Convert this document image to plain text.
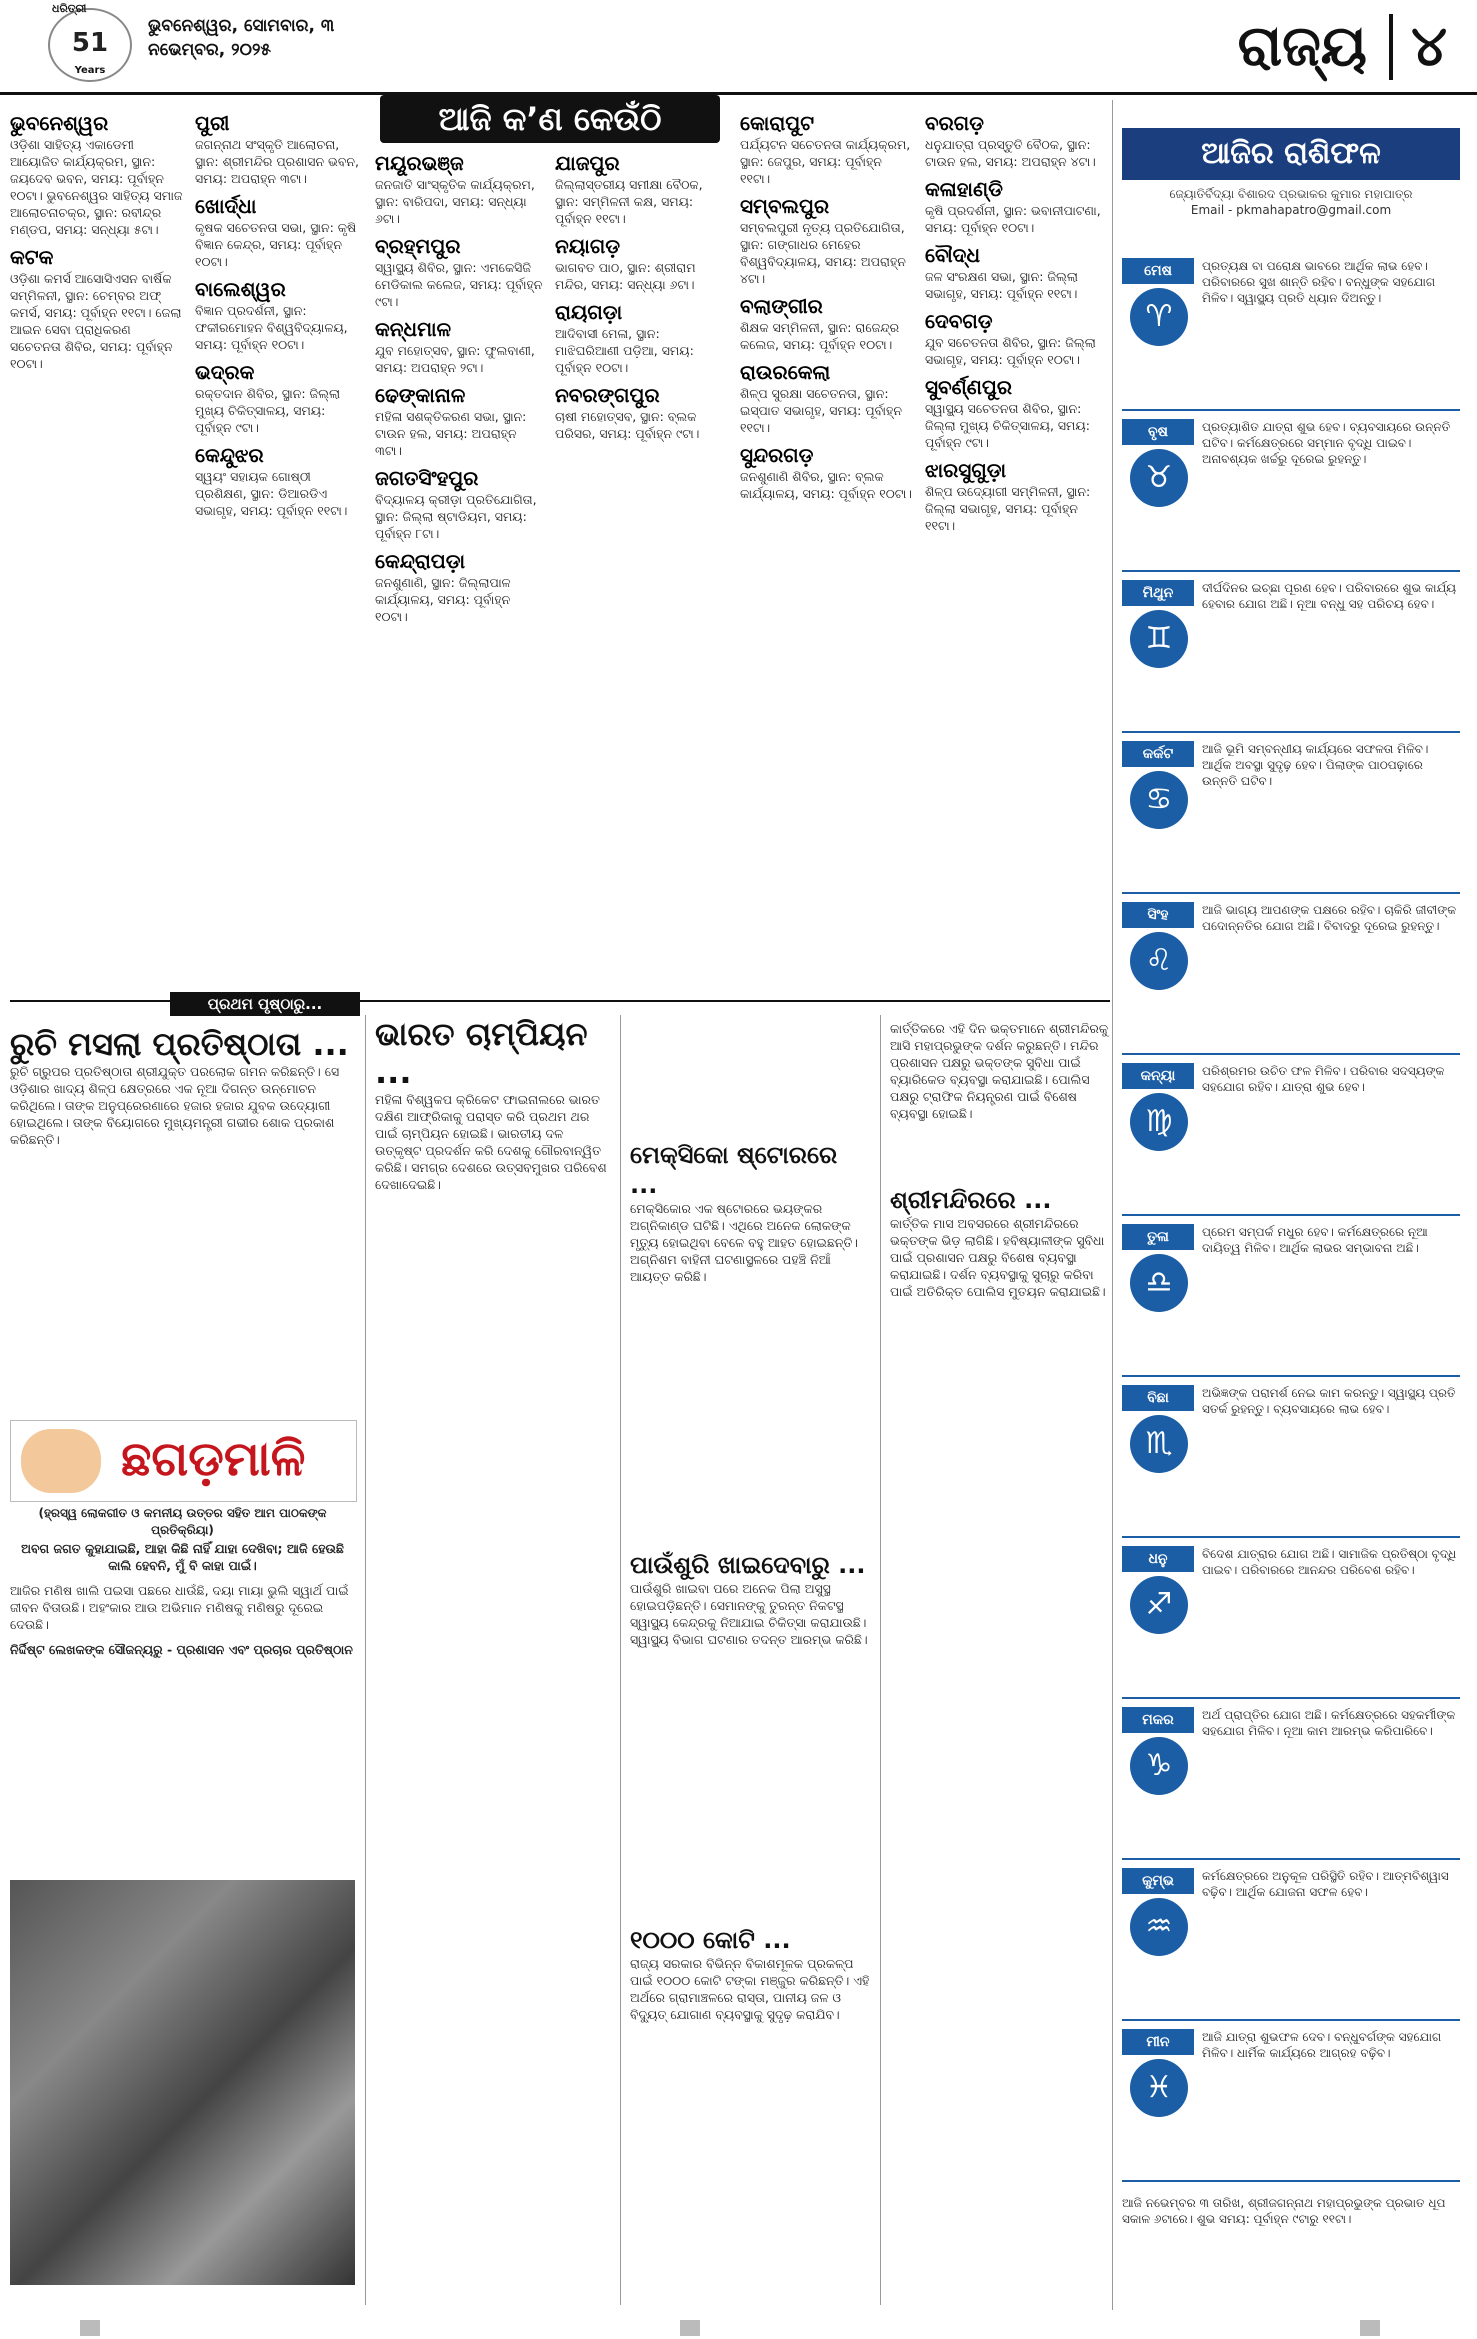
51
Years
ଧରିତ୍ରୀ
ଭୁବନେଶ୍ୱର, ସୋମବାର, ୩ ନଭେମ୍ବର, ୨୦୨୫	ରାଜ୍ୟ ୪
ଆଜି କ’ଣ କେଉଁଠି
ଭୁବନେଶ୍ୱର
ଓଡ଼ିଶା ସାହିତ୍ୟ ଏକାଡେମୀ ଆୟୋଜିତ କାର୍ଯ୍ୟକ୍ରମ, ସ୍ଥାନ: ଜୟଦେବ ଭବନ, ସମୟ: ପୂର୍ବାହ୍ନ ୧୦ଟା। ଭୁବନେଶ୍ୱର ସାହିତ୍ୟ ସମାଜ ଆଲୋଚନାଚକ୍ର, ସ୍ଥାନ: ରବୀନ୍ଦ୍ର ମଣ୍ଡପ, ସମୟ: ସନ୍ଧ୍ୟା ୫ଟା।
କଟକ
ଓଡ଼ିଶା କମର୍ସ ଆସୋସିଏସନ ବାର୍ଷିକ ସମ୍ମିଳନୀ, ସ୍ଥାନ: ଚେମ୍ବର ଅଫ୍ କମର୍ସ, ସମୟ: ପୂର୍ବାହ୍ନ ୧୧ଟା। ଜେଲା ଆଇନ ସେବା ପ୍ରାଧିକରଣ ସଚେତନତା ଶିବିର, ସମୟ: ପୂର୍ବାହ୍ନ ୧୦ଟା।
ପୁରୀ
ଜଗନ୍ନାଥ ସଂସ୍କୃତି ଆଲୋଚନା, ସ୍ଥାନ: ଶ୍ରୀମନ୍ଦିର ପ୍ରଶାସନ ଭବନ, ସମୟ: ଅପରାହ୍ନ ୩ଟା।
ଖୋର୍ଦ୍ଧା
କୃଷକ ସଚେତନତା ସଭା, ସ୍ଥାନ: କୃଷି ବିଜ୍ଞାନ କେନ୍ଦ୍ର, ସମୟ: ପୂର୍ବାହ୍ନ ୧୦ଟା।
ବାଲେଶ୍ୱର
ବିଜ୍ଞାନ ପ୍ରଦର୍ଶନୀ, ସ୍ଥାନ: ଫକୀରମୋହନ ବିଶ୍ୱବିଦ୍ୟାଳୟ, ସମୟ: ପୂର୍ବାହ୍ନ ୧୦ଟା।
ଭଦ୍ରକ
ରକ୍ତଦାନ ଶିବିର, ସ୍ଥାନ: ଜିଲ୍ଲା ମୁଖ୍ୟ ଚିକିତ୍ସାଳୟ, ସମୟ: ପୂର୍ବାହ୍ନ ୯ଟା।
କେନ୍ଦୁଝର
ସ୍ୱୟଂ ସହାୟକ ଗୋଷ୍ଠୀ ପ୍ରଶିକ୍ଷଣ, ସ୍ଥାନ: ଡିଆରଡିଏ ସଭାଗୃହ, ସମୟ: ପୂର୍ବାହ୍ନ ୧୧ଟା।
ମୟୂରଭଞ୍ଜ
ଜନଜାତି ସାଂସ୍କୃତିକ କାର୍ଯ୍ୟକ୍ରମ, ସ୍ଥାନ: ବାରିପଦା, ସମୟ: ସନ୍ଧ୍ୟା ୬ଟା।
ବ୍ରହ୍ମପୁର
ସ୍ୱାସ୍ଥ୍ୟ ଶିବିର, ସ୍ଥାନ: ଏମକେସିଜି ମେଡିକାଲ କଲେଜ, ସମୟ: ପୂର୍ବାହ୍ନ ୯ଟା।
କନ୍ଧମାଳ
ଯୁବ ମହୋତ୍ସବ, ସ୍ଥାନ: ଫୁଲବାଣୀ, ସମୟ: ଅପରାହ୍ନ ୨ଟା।
ଢେଙ୍କାନାଳ
ମହିଳା ସଶକ୍ତିକରଣ ସଭା, ସ୍ଥାନ: ଟାଉନ ହଲ, ସମୟ: ଅପରାହ୍ନ ୩ଟା।
ଜଗତସିଂହପୁର
ବିଦ୍ୟାଳୟ କ୍ରୀଡ଼ା ପ୍ରତିଯୋଗିତା, ସ୍ଥାନ: ଜିଲ୍ଲା ଷ୍ଟାଡିୟମ, ସମୟ: ପୂର୍ବାହ୍ନ ୮ଟା।
କେନ୍ଦ୍ରାପଡ଼ା
ଜନଶୁଣାଣି, ସ୍ଥାନ: ଜିଲ୍ଲାପାଳ କାର୍ଯ୍ୟାଳୟ, ସମୟ: ପୂର୍ବାହ୍ନ ୧୦ଟା।
ଯାଜପୁର
ଜିଲ୍ଲାସ୍ତରୀୟ ସମୀକ୍ଷା ବୈଠକ, ସ୍ଥାନ: ସମ୍ମିଳନୀ କକ୍ଷ, ସମୟ: ପୂର୍ବାହ୍ନ ୧୧ଟା।
ନୟାଗଡ଼
ଭାଗବତ ପାଠ, ସ୍ଥାନ: ଶ୍ରୀରାମ ମନ୍ଦିର, ସମୟ: ସନ୍ଧ୍ୟା ୬ଟା।
ରାୟଗଡ଼ା
ଆଦିବାସୀ ମେଳା, ସ୍ଥାନ: ମାଝିଘରିଆଣୀ ପଡ଼ିଆ, ସମୟ: ପୂର୍ବାହ୍ନ ୧୦ଟା।
ନବରଙ୍ଗପୁର
ଚାଷୀ ମହୋତ୍ସବ, ସ୍ଥାନ: ବ୍ଲକ ପରିସର, ସମୟ: ପୂର୍ବାହ୍ନ ୯ଟା।
କୋରାପୁଟ
ପର୍ଯ୍ୟଟନ ସଚେତନତା କାର୍ଯ୍ୟକ୍ରମ, ସ୍ଥାନ: ଜେପୁର, ସମୟ: ପୂର୍ବାହ୍ନ ୧୧ଟା।
ସମ୍ବଲପୁର
ସମ୍ବଲପୁରୀ ନୃତ୍ୟ ପ୍ରତିଯୋଗିତା, ସ୍ଥାନ: ଗଙ୍ଗାଧର ମେହେର ବିଶ୍ୱବିଦ୍ୟାଳୟ, ସମୟ: ଅପରାହ୍ନ ୪ଟା।
ବଲାଙ୍ଗୀର
ଶିକ୍ଷକ ସମ୍ମିଳନୀ, ସ୍ଥାନ: ରାଜେନ୍ଦ୍ର କଲେଜ, ସମୟ: ପୂର୍ବାହ୍ନ ୧୦ଟା।
ରାଉରକେଲା
ଶିଳ୍ପ ସୁରକ୍ଷା ସଚେତନତା, ସ୍ଥାନ: ଇସ୍ପାତ ସଭାଗୃହ, ସମୟ: ପୂର୍ବାହ୍ନ ୧୧ଟା।
ସୁନ୍ଦରଗଡ଼
ଜନଶୁଣାଣି ଶିବିର, ସ୍ଥାନ: ବ୍ଲକ କାର୍ଯ୍ୟାଳୟ, ସମୟ: ପୂର୍ବାହ୍ନ ୧୦ଟା।
ବରଗଡ଼
ଧନୁଯାତ୍ରା ପ୍ରସ୍ତୁତି ବୈଠକ, ସ୍ଥାନ: ଟାଉନ ହଲ, ସମୟ: ଅପରାହ୍ନ ୪ଟା।
କଳାହାଣ୍ଡି
କୃଷି ପ୍ରଦର୍ଶନୀ, ସ୍ଥାନ: ଭବାନୀପାଟଣା, ସମୟ: ପୂର୍ବାହ୍ନ ୧୦ଟା।
ବୌଦ୍ଧ
ଜଳ ସଂରକ୍ଷଣ ସଭା, ସ୍ଥାନ: ଜିଲ୍ଲା ସଭାଗୃହ, ସମୟ: ପୂର୍ବାହ୍ନ ୧୧ଟା।
ଦେବଗଡ଼
ଯୁବ ସଚେତନତା ଶିବିର, ସ୍ଥାନ: ଜିଲ୍ଲା ସଭାଗୃହ, ସମୟ: ପୂର୍ବାହ୍ନ ୧୦ଟା।
ସୁବର୍ଣ୍ଣପୁର
ସ୍ୱାସ୍ଥ୍ୟ ସଚେତନତା ଶିବିର, ସ୍ଥାନ: ଜିଲ୍ଲା ମୁଖ୍ୟ ଚିକିତ୍ସାଳୟ, ସମୟ: ପୂର୍ବାହ୍ନ ୯ଟା।
ଝାରସୁଗୁଡ଼ା
ଶିଳ୍ପ ଉଦ୍ୟୋଗୀ ସମ୍ମିଳନୀ, ସ୍ଥାନ: ଜିଲ୍ଲା ସଭାଗୃହ, ସମୟ: ପୂର୍ବାହ୍ନ ୧୧ଟା।
ପ୍ରଥମ ପୃଷ୍ଠାରୁ...
ରୁଚି ମସଲା ପ୍ରତିଷ୍ଠାତା ...
ରୁଚି ଗ୍ରୁପର ପ୍ରତିଷ୍ଠାତା ଶ୍ରୀଯୁକ୍ତ ପରଲୋକ ଗମନ କରିଛନ୍ତି। ସେ ଓଡ଼ିଶାର ଖାଦ୍ୟ ଶିଳ୍ପ କ୍ଷେତ୍ରରେ ଏକ ନୂଆ ଦିଗନ୍ତ ଉନ୍ମୋଚନ କରିଥିଲେ। ତାଙ୍କ ଅନୁପ୍ରେରଣାରେ ହଜାର ହଜାର ଯୁବକ ଉଦ୍ୟୋଗୀ ହୋଇଥିଲେ। ତାଙ୍କ ବିୟୋଗରେ ମୁଖ୍ୟମନ୍ତ୍ରୀ ଗଭୀର ଶୋକ ପ୍ରକାଶ କରିଛନ୍ତି।
ଛଗଡ଼ମାଳି
(ହ୍ରସ୍ୱ ଲୋକଗୀତ ଓ କମନୀୟ ଉତ୍ତର ସହିତ ଆମ ପାଠକଙ୍କ ପ୍ରତିକ୍ରିୟା)
ଅବଗ ଜଗତ କୁହାଯାଇଛି, ଆହା କିଛି ନାହିଁ ଯାହା ଦେଖିବା; ଆଜି ହେଉଛି କାଲି ହେବନି, ମୁଁ ବି କାହା ପାଇଁ।
ଆଜିର ମଣିଷ ଖାଲି ପଇସା ପଛରେ ଧାଉଁଛି, ଦୟା ମାୟା ଭୁଲି ସ୍ୱାର୍ଥ ପାଇଁ ଜୀବନ ବିତାଉଛି। ଅହଂକାର ଆଉ ଅଭିମାନ ମଣିଷକୁ ମଣିଷରୁ ଦୂରେଇ ଦେଉଛି।
ନିର୍ଦ୍ଦିଷ୍ଟ ଲେଖକଙ୍କ ସୌଜନ୍ୟରୁ - ପ୍ରଶାସନ ଏବଂ ପ୍ରଚାର ପ୍ରତିଷ୍ଠାନ
ଭାରତ ଚାମ୍ପିୟନ ...
ମହିଳା ବିଶ୍ୱକପ କ୍ରିକେଟ ଫାଇନାଲରେ ଭାରତ ଦକ୍ଷିଣ ଆଫ୍ରିକାକୁ ପରାସ୍ତ କରି ପ୍ରଥମ ଥର ପାଇଁ ଚାମ୍ପିୟନ ହୋଇଛି। ଭାରତୀୟ ଦଳ ଉତ୍କୃଷ୍ଟ ପ୍ରଦର୍ଶନ କରି ଦେଶକୁ ଗୌରବାନ୍ୱିତ କରିଛି। ସମଗ୍ର ଦେଶରେ ଉତ୍ସବମୁଖର ପରିବେଶ ଦେଖାଦେଇଛି।
ମେକ୍ସିକୋ ଷ୍ଟୋରରେ ...
ମେକ୍ସିକୋର ଏକ ଷ୍ଟୋରରେ ଭୟଙ୍କର ଅଗ୍ନିକାଣ୍ଡ ଘଟିଛି। ଏଥିରେ ଅନେକ ଲୋକଙ୍କ ମୃତ୍ୟୁ ହୋଇଥିବା ବେଳେ ବହୁ ଆହତ ହୋଇଛନ୍ତି। ଅଗ୍ନିଶମ ବାହିନୀ ଘଟଣାସ୍ଥଳରେ ପହଞ୍ଚି ନିଆଁ ଆୟତ୍ତ କରିଛି।
ପାଉଁଶୁରି ଖାଇଦେବାରୁ ...
ପାଉଁଶୁରି ଖାଇବା ପରେ ଅନେକ ପିଲା ଅସୁସ୍ଥ ହୋଇପଡ଼ିଛନ୍ତି। ସେମାନଙ୍କୁ ତୁରନ୍ତ ନିକଟସ୍ଥ ସ୍ୱାସ୍ଥ୍ୟ କେନ୍ଦ୍ରକୁ ନିଆଯାଇ ଚିକିତ୍ସା କରାଯାଉଛି। ସ୍ୱାସ୍ଥ୍ୟ ବିଭାଗ ଘଟଣାର ତଦନ୍ତ ଆରମ୍ଭ କରିଛି।
୧୦୦୦ କୋଟି ...
ରାଜ୍ୟ ସରକାର ବିଭିନ୍ନ ବିକାଶମୂଳକ ପ୍ରକଳ୍ପ ପାଇଁ ୧୦୦୦ କୋଟି ଟଙ୍କା ମଞ୍ଜୁର କରିଛନ୍ତି। ଏହି ଅର୍ଥରେ ଗ୍ରାମାଞ୍ଚଳରେ ରାସ୍ତା, ପାନୀୟ ଜଳ ଓ ବିଦ୍ୟୁତ୍ ଯୋଗାଣ ବ୍ୟବସ୍ଥାକୁ ସୁଦୃଢ଼ କରାଯିବ।
ଶ୍ରୀମନ୍ଦିରରେ ...
କାର୍ତ୍ତିକ ମାସ ଅବସରରେ ଶ୍ରୀମନ୍ଦିରରେ ଭକ୍ତଙ୍କ ଭିଡ଼ ଲାଗିଛି। ହବିଷ୍ୟାଳୀଙ୍କ ସୁବିଧା ପାଇଁ ପ୍ରଶାସନ ପକ୍ଷରୁ ବିଶେଷ ବ୍ୟବସ୍ଥା କରାଯାଇଛି। ଦର୍ଶନ ବ୍ୟବସ୍ଥାକୁ ସୁଚାରୁ କରିବା ପାଇଁ ଅତିରିକ୍ତ ପୋଲିସ ମୁତୟନ କରାଯାଇଛି।
କାର୍ତ୍ତିକରେ ଏହି ଦିନ ଭକ୍ତମାନେ ଶ୍ରୀମନ୍ଦିରକୁ ଆସି ମହାପ୍ରଭୁଙ୍କ ଦର୍ଶନ କରୁଛନ୍ତି। ମନ୍ଦିର ପ୍ରଶାସନ ପକ୍ଷରୁ ଭକ୍ତଙ୍କ ସୁବିଧା ପାଇଁ ବ୍ୟାରିକେଡ ବ୍ୟବସ୍ଥା କରାଯାଇଛି। ପୋଲିସ ପକ୍ଷରୁ ଟ୍ରାଫିକ ନିୟନ୍ତ୍ରଣ ପାଇଁ ବିଶେଷ ବ୍ୟବସ୍ଥା ହୋଇଛି।
ଆଜିର ରାଶିଫଳ
ଜ୍ୟୋତିର୍ବିଦ୍ୟା ବିଶାରଦ ପ୍ରଭାକର କୁମାର ମହାପାତ୍ର
Email - pkmahapatro@gmail.com
ମେଷ
♈
ପ୍ରତ୍ୟକ୍ଷ ବା ପରୋକ୍ଷ ଭାବରେ ଆର୍ଥିକ ଲାଭ ହେବ। ପରିବାରରେ ସୁଖ ଶାନ୍ତି ରହିବ। ବନ୍ଧୁଙ୍କ ସହଯୋଗ ମିଳିବ। ସ୍ୱାସ୍ଥ୍ୟ ପ୍ରତି ଧ୍ୟାନ ଦିଅନ୍ତୁ।
ବୃଷ
♉
ପ୍ରତ୍ୟାଶିତ ଯାତ୍ରା ଶୁଭ ହେବ। ବ୍ୟବସାୟରେ ଉନ୍ନତି ଘଟିବ। କର୍ମକ୍ଷେତ୍ରରେ ସମ୍ମାନ ବୃଦ୍ଧି ପାଇବ। ଅନାବଶ୍ୟକ ଖର୍ଚ୍ଚରୁ ଦୂରେଇ ରୁହନ୍ତୁ।
ମିଥୁନ
♊
ଦୀର୍ଘଦିନର ଇଚ୍ଛା ପୂରଣ ହେବ। ପରିବାରରେ ଶୁଭ କାର୍ଯ୍ୟ ହେବାର ଯୋଗ ଅଛି। ନୂଆ ବନ୍ଧୁ ସହ ପରିଚୟ ହେବ।
କର୍କଟ
♋
ଆଜି ଭୂମି ସମ୍ବନ୍ଧୀୟ କାର୍ଯ୍ୟରେ ସଫଳତା ମିଳିବ। ଆର୍ଥିକ ଅବସ୍ଥା ସୁଦୃଢ଼ ହେବ। ପିଲାଙ୍କ ପାଠପଢ଼ାରେ ଉନ୍ନତି ଘଟିବ।
ସିଂହ
♌
ଆଜି ଭାଗ୍ୟ ଆପଣଙ୍କ ପକ୍ଷରେ ରହିବ। ଚାକିରି ଜୀବୀଙ୍କ ପଦୋନ୍ନତିର ଯୋଗ ଅଛି। ବିବାଦରୁ ଦୂରେଇ ରୁହନ୍ତୁ।
କନ୍ୟା
♍
ପରିଶ୍ରମର ଉଚିତ ଫଳ ମିଳିବ। ପରିବାର ସଦସ୍ୟଙ୍କ ସହଯୋଗ ରହିବ। ଯାତ୍ରା ଶୁଭ ହେବ।
ତୁଳା
♎
ପ୍ରେମ ସମ୍ପର୍କ ମଧୁର ହେବ। କର୍ମକ୍ଷେତ୍ରରେ ନୂଆ ଦାୟିତ୍ୱ ମିଳିବ। ଆର୍ଥିକ ଲାଭର ସମ୍ଭାବନା ଅଛି।
ବିଛା
♏
ଅଭିଜ୍ଞଙ୍କ ପରାମର୍ଶ ନେଇ କାମ କରନ୍ତୁ। ସ୍ୱାସ୍ଥ୍ୟ ପ୍ରତି ସତର୍କ ରୁହନ୍ତୁ। ବ୍ୟବସାୟରେ ଲାଭ ହେବ।
ଧନୁ
♐
ବିଦେଶ ଯାତ୍ରାର ଯୋଗ ଅଛି। ସାମାଜିକ ପ୍ରତିଷ୍ଠା ବୃଦ୍ଧି ପାଇବ। ପରିବାରରେ ଆନନ୍ଦର ପରିବେଶ ରହିବ।
ମକର
♑
ଅର୍ଥ ପ୍ରାପ୍ତିର ଯୋଗ ଅଛି। କର୍ମକ୍ଷେତ୍ରରେ ସହକର୍ମୀଙ୍କ ସହଯୋଗ ମିଳିବ। ନୂଆ କାମ ଆରମ୍ଭ କରିପାରିବେ।
କୁମ୍ଭ
♒
କର୍ମକ୍ଷେତ୍ରରେ ଅନୁକୂଳ ପରିସ୍ଥିତି ରହିବ। ଆତ୍ମବିଶ୍ୱାସ ବଢ଼ିବ। ଆର୍ଥିକ ଯୋଜନା ସଫଳ ହେବ।
ମୀନ
♓
ଆଜି ଯାତ୍ରା ଶୁଭଫଳ ଦେବ। ବନ୍ଧୁବର୍ଗଙ୍କ ସହଯୋଗ ମିଳିବ। ଧାର୍ମିକ କାର୍ଯ୍ୟରେ ଆଗ୍ରହ ବଢ଼ିବ।
ଆଜି ନଭେମ୍ବର ୩ ତାରିଖ, ଶ୍ରୀଜଗନ୍ନାଥ ମହାପ୍ରଭୁଙ୍କ ପ୍ରଭାତ ଧୂପ ସକାଳ ୬ଟାରେ। ଶୁଭ ସମୟ: ପୂର୍ବାହ୍ନ ୯ଟାରୁ ୧୧ଟା।
